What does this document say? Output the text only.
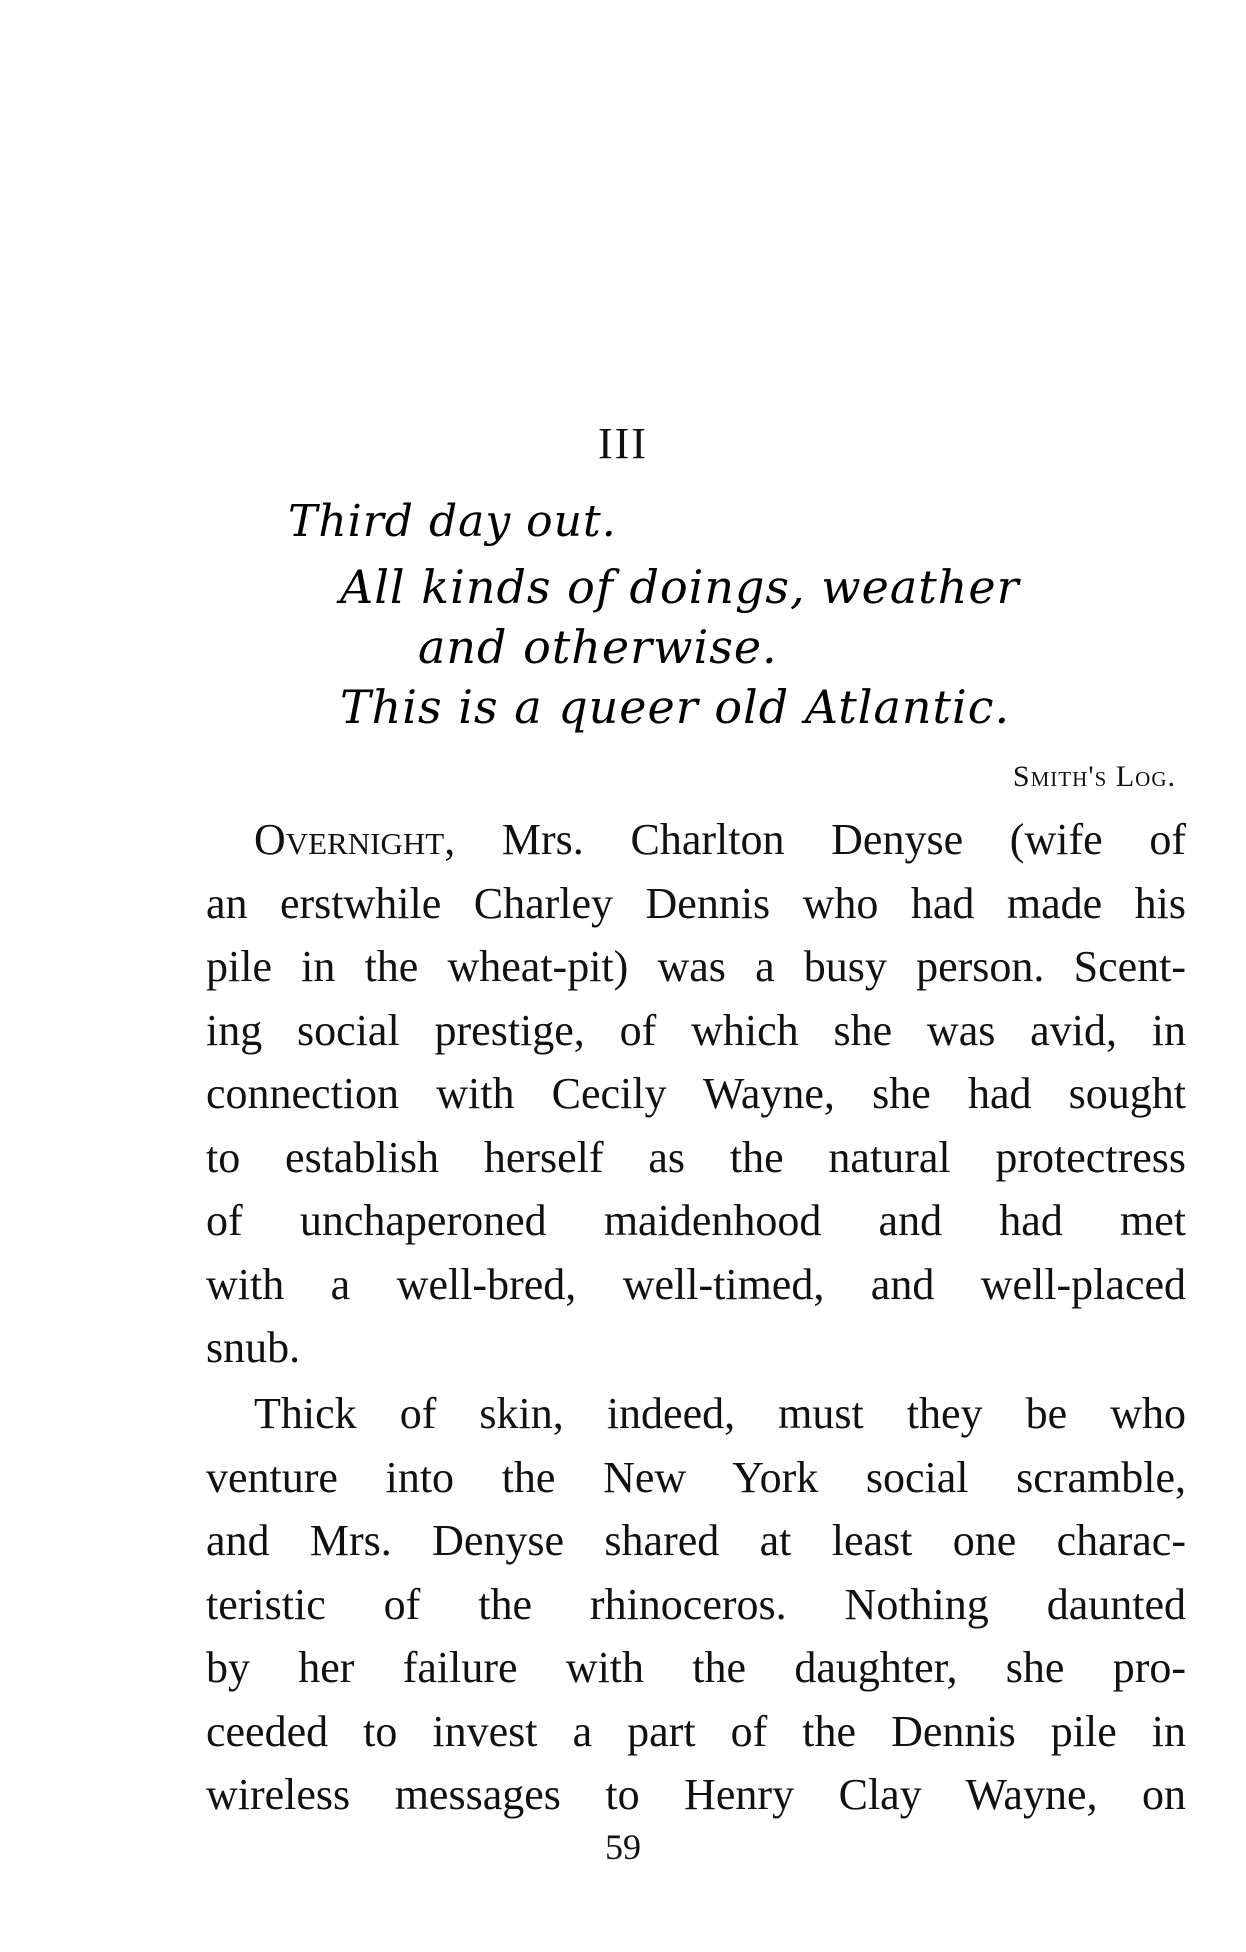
III
Third day out.
All kinds of doings, weather
and otherwise.
This is a queer old Atlantic.
Smith's Log.
Overnight, Mrs. Charlton Denyse (wife of
an erstwhile Charley Dennis who had made his
pile in the wheat-pit) was a busy person. Scent-
ing social prestige, of which she was avid, in
connection with Cecily Wayne, she had sought
to establish herself as the natural protectress
of unchaperoned maidenhood and had met
with a well-bred, well-timed, and well-placed
snub.
Thick of skin, indeed, must they be who
venture into the New York social scramble,
and Mrs. Denyse shared at least one charac-
teristic of the rhinoceros. Nothing daunted
by her failure with the daughter, she pro-
ceeded to invest a part of the Dennis pile in
wireless messages to Henry Clay Wayne, on
59
